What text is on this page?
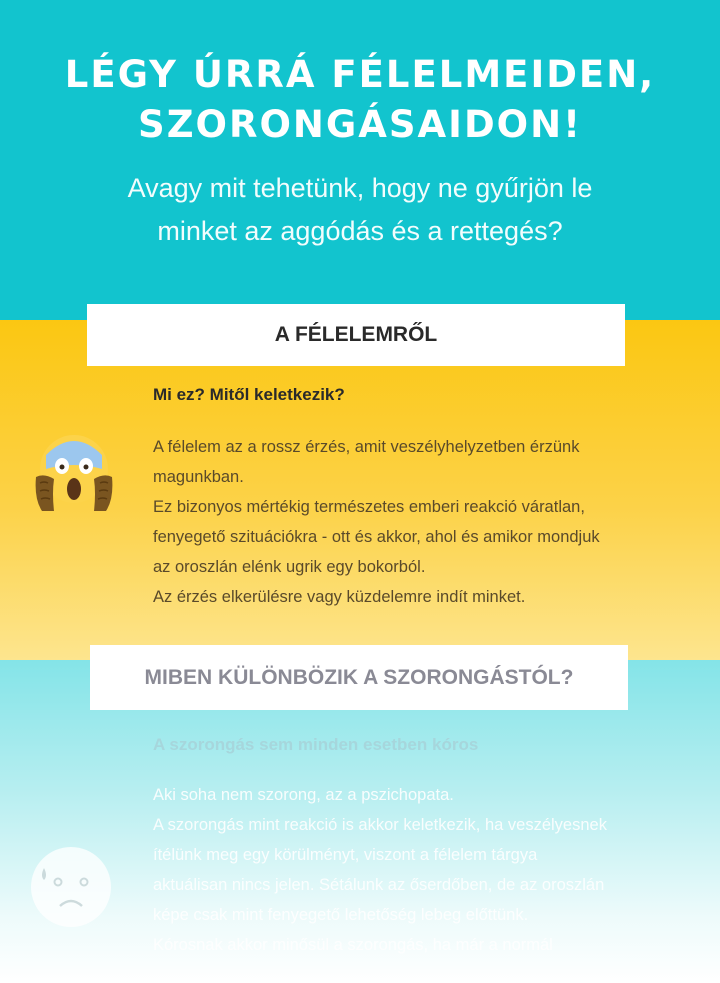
LÉGY ÚRRÁ FÉLELMEIDEN,
SZORONGÁSAIDON!
Avagy mit tehetünk, hogy ne gyűrjön le
minket az aggódás és a rettegés?
A FÉLELEMRŐL
Mi ez? Mitől keletkezik?

A félelem az a rossz érzés, amit veszélyhelyzetben érzünk

magunkban.

Ez bizonyos mértékig természetes emberi reakció váratlan,

fenyegető szituációkra - ott és akkor, ahol és amikor mondjuk

az oroszlán elénk ugrik egy bokorból.

Az érzés elkerülésre vagy küzdelemre indít minket.

MIBEN KÜLÖNBÖZIK A SZORONGÁSTÓL?
A szorongás sem minden esetben kóros

Aki soha nem szorong, az a pszichopata.

A szorongás mint reakció is akkor keletkezik, ha veszélyesnek

ítélünk meg egy körülményt, viszont a félelem tárgya

aktuálisan nincs jelen. Sétálunk az őserdőben, de az oroszlán

képe csak mint fenyegető lehetőség lebeg előttünk.

Kórosnak akkor minősül a szorongás, ha már a normál
